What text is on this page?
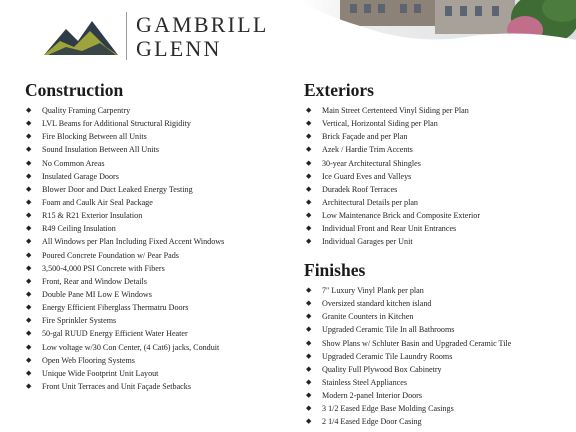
GAMBRILL
GLENN
Construction
◆ Quality Framing Carpentry
◆ LVL Beams for Additional Structural Rigidity
◆ Fire Blocking Between all Units
◆ Sound Insulation Between All Units
◆ No Common Areas
◆ Insulated Garage Doors
◆ Blower Door and Duct Leaked Energy Testing
◆ Foam and Caulk Air Seal Package
◆ R15 & R21 Exterior Insulation
◆ R49 Ceiling Insulation
◆ All Windows per Plan Including Fixed Accent Windows
◆ Poured Concrete Foundation w/ Pear Pads
◆ 3,500-4,000 PSI Concrete with Fibers
◆ Front, Rear and Window Details
◆ Double Pane MI Low E Windows
◆ Energy Efficient Fiberglass Thermatru Doors
◆ Fire Sprinkler Systems
◆ 50-gal RUUD Energy Efficient Water Heater
◆ Low voltage w/30 Con Center, (4 Cat6) jacks, Conduit
◆ Open Web Flooring Systems
◆ Unique Wide Footprint Unit Layout
◆ Front Unit Terraces and Unit Façade Setbacks
Exteriors
◆ Main Street Certenteed Vinyl Siding per Plan
◆ Vertical, Horizontal Siding per Plan
◆ Brick Façade and per Plan
◆ Azek / Hardie Trim Accents
◆ 30-year Architectural Shingles
◆ Ice Guard Eves and Valleys
◆ Duradek Roof Terraces
◆ Architectural Details per plan
◆ Low Maintenance Brick and Composite Exterior
◆ Individual Front and Rear Unit Entrances
◆ Individual Garages per Unit
Finishes
◆ 7" Luxury Vinyl Plank per plan
◆ Oversized standard kitchen island
◆ Granite Counters in Kitchen
◆ Upgraded Ceramic Tile In all Bathrooms
◆ Show Plans w/ Schluter Basin and Upgraded Ceramic Tile
◆ Upgraded Ceramic Tile Laundry Rooms
◆ Quality Full Plywood Box Cabinetry
◆ Stainless Steel Appliances
◆ Modern 2-panel Interior Doors
◆ 3 1/2 Eased Edge Base Molding Casings
◆ 2 1/4 Eased Edge Door Casing
